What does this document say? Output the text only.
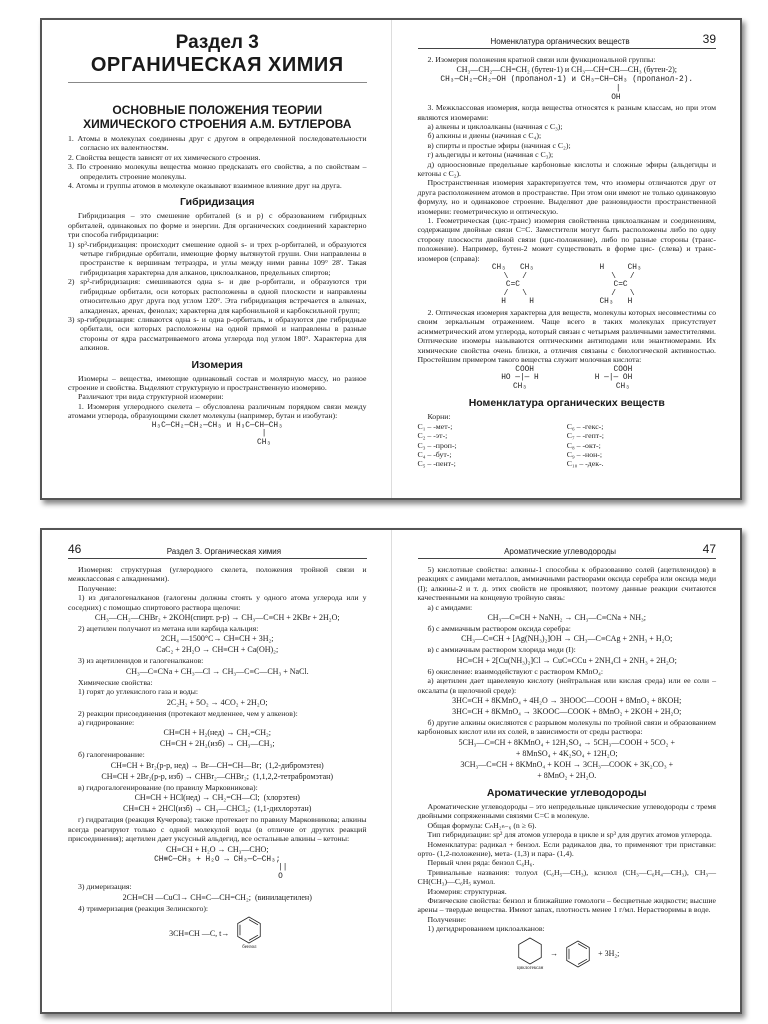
Раздел 3
ОРГАНИЧЕСКАЯ ХИМИЯ
ОСНОВНЫЕ ПОЛОЖЕНИЯ ТЕОРИИ ХИМИЧЕСКОГО СТРОЕНИЯ А.М. БУТЛЕРОВА

1. Атомы в молекулах соединены друг с другом в определенной последовательности согласно их валентностям.

2. Свойства веществ зависят от их химического строения.

3. По строению молекулы вещества можно предсказать его свойства, а по свойствам – определить строение молекулы.

4. Атомы и группы атомов в молекуле оказывают взаимное влияние друг на друга.

Гибридизация

Гибридизация – это смешение орбиталей (s и p) с образованием гибридных орбиталей, одинаковых по форме и энергии. Для органических соединений характерно три способа гибридизации:

1) sp³-гибридизация: происходит смешение одной s- и трех p-орбиталей, и образуются четыре гибридные орбитали, имеющие форму вытянутой груши. Они направлены в пространстве к вершинам тетраэдра, и углы между ними равны 109° 28′. Такая гибридизация характерна для алканов, циклоалканов, предельных спиртов;

2) sp²-гибридизация: смешиваются одна s- и две p-орбитали, и образуются три гибридные орбитали, оси которых расположены в одной плоскости и направлены относительно друг друга под углом 120°. Эта гибридизация встречается в алкенах, алкадиенах, аренах, фенолах; характерна для карбонильной и карбоксильной групп;

3) sp-гибридизация: сливаются одна s- и одна p-орбиталь, и образуются две гибридные орбитали, оси которых расположены на одной прямой и направлены в разные стороны от ядра рассматриваемого атома углерода под углом 180°. Характерна для алкинов.

Изомерия

Изомеры – вещества, имеющие одинаковый состав и молярную массу, но разное строение и свойства. Выделяют структурную и пространственную изомерию.

Различают три вида структурной изомерии:

1. Изомерия углеродного скелета – обусловлена различным порядком связи между атомами углерода, образующими скелет молекулы (например, бутан и изобутан):

H₃C—CH₂—CH₂—CH₃ и H₃C—CH—CH₃
|
CH₃
Номенклатура органических веществ	39

2. Изомерия положения кратной связи или функциональной группы:

CH₃—CH₂—CH=CH₂ (бутен-1) и CH₃—CH=CH—CH₃ (бутен-2);
CH₃—CH₂—CH₂—OH (пропанол-1) и CH₃—CH—CH₃ (пропанол-2).
|
OH

3. Межклассовая изомерия, когда вещества относятся к разным классам, но при этом являются изомерами:

а) алкены и циклоалканы (начиная с C₃);

б) алкины и диены (начиная с C₄);

в) спирты и простые эфиры (начиная с C₂);

г) альдегиды и кетоны (начиная с C₃);

д) одноосновные предельные карбоновые кислоты и сложные эфиры (альдегиды и кетоны с C₂).

Пространственная изомерия характеризуется тем, что изомеры отличаются друг от друга расположением атомов в пространстве. При этом они имеют не только одинаковую формулу, но и одинаковое строение. Выделяют две разновидности пространственной изомерии: геометрическую и оптическую.

1. Геометрическая (цис-транс) изомерия свойственна циклоалканам и соединениям, содержащим двойные связи C=C. Заместители могут быть расположены либо по одну сторону плоскости двойной связи (цис-положение), либо по разные стороны (транс-положение). Например, бутен-2 может существовать в форме цис- (слева) и транс-изомеров (справа):

CH₃   CH₃              H     CH₃
\   /                  \   /
C=C                    C=C
/   \                  /   \
H     H              CH₃   H

2. Оптическая изомерия характерна для веществ, молекулы которых несовместимы со своим зеркальным отражением. Чаще всего в таких молекулах присутствует асимметрический атом углерода, который связан с четырьмя различными заместителями. Оптические изомеры называются оптическими антиподами или энантиомерами. Их химические свойства очень близки, а отличия связаны с биологической активностью. Простейшим примером такого вещества служит молочная кислота:

COOH                 COOH
HO —|— H            H —|— OH
CH₃                   CH₃
Номенклатура органических веществ

Корни:

C₁ – -мет-;
C₂ – -эт-;
C₃ – -проп-;
C₄ – -бут-;
C₅ – -пент-;
C₆ – -гекс-;
C₇ – -гепт-;
C₈ – -окт-;
C₉ – -нон-;
C₁₀ – -дек-.
46	Раздел 3. Органическая химия

Изомерия: структурная (углеродного скелета, положения тройной связи и межклассовая с алкадиенами).

Получение:

1) из дигалогеналканов (галогены должны стоять у одного атома углерода или у соседних) с помощью спиртового раствора щелочи:

CH₃—CH₂—CHBr₂ + 2KOH(спирт. р-р) → CH₃—C≡CH + 2KBr + 2H₂O;

2) ацетилен получают из метана или карбида кальция:

2CH₄ —1500°C→ CH≡CH + 3H₂;
CaC₂ + 2H₂O → CH≡CH + Ca(OH)₂;

3) из ацетиленидов и галогеналканов:

CH₃—C≡CNa + CH₃—Cl → CH₃—C≡C—CH₃ + NaCl.

Химические свойства:

1) горят до углекислого газа и воды:

2C₂H₂ + 5O₂ → 4CO₂ + 2H₂O;

2) реакции присоединения (протекают медленнее, чем у алкенов):

а) гидрирование:

CH≡CH + H₂(нед) → CH₂=CH₂;
CH≡CH + 2H₂(изб) → CH₃—CH₃;

б) галогенирование:

CH≡CH + Br₂(р-р, нед) → Br—CH=CH—Br;  (1,2-дибромэтен)
CH≡CH + 2Br₂(р-р, изб) → CHBr₂—CHBr₂;  (1,1,2,2-тетрабромэтан)

в) гидрогалогенирование (по правилу Марковникова):

CH≡CH + HCl(нед) → CH₂=CH—Cl;  (хлорэтен)
CH≡CH + 2HCl(изб) → CH₃—CHCl₂;  (1,1-дихлорэтан)

г) гидратация (реакция Кучерова); также протекает по правилу Марковникова; алкины всегда реагируют только с одной молекулой воды (в отличие от других реакций присоединения); ацетилен дает уксусный альдегид, все остальные алкины – кетоны:

CH≡CH + H₂O → CH₃—CHO;
CH≡C—CH₃ + H₂O → CH₃—C—CH₃;
||
O

3) димеризация:

2CH≡CH —CuCl→ CH≡C—CH=CH₂;  (винилацетилен)

4) тримеризация (реакция Зелинского):

3CH≡CH —C, t→
бензол
Ароматические углеводороды	47

5) кислотные свойства: алкины-1 способны к образованию солей (ацетиленидов) в реакциях с амидами металлов, аммиачными растворами оксида серебра или оксида меди (I); алкины-2 и т. д. этих свойств не проявляют, поэтому данные реакции считаются качественными на концевую тройную связь:

а) с амидами:

CH₃—C≡CH + NaNH₂ → CH₃—C≡CNa + NH₃;

б) с аммиачным раствором оксида серебра:

CH₃—C≡CH + [Ag(NH₃)₂]OH → CH₃—C≡CAg + 2NH₃ + H₂O;

в) с аммиачным раствором хлорида меди (I):

HC≡CH + 2[Cu(NH₃)₂]Cl → CuC≡CCu + 2NH₄Cl + 2NH₃ + 2H₂O;

6) окисление: взаимодействуют с раствором KMnO₄:

а) ацетилен дает щавелевую кислоту (нейтральная или кислая среда) или ее соли – оксалаты (в щелочной среде):

3HC≡CH + 8KMnO₄ + 4H₂O → 3HOOC—COOH + 8MnO₂ + 8KOH;
3HC≡CH + 8KMnO₄ → 3KOOC—COOK + 8MnO₂ + 2KOH + 2H₂O;

б) другие алкины окисляются с разрывом молекулы по тройной связи и образованием карбоновых кислот или их солей, в зависимости от среды раствора:

5CH₃—C≡CH + 8KMnO₄ + 12H₂SO₄ → 5CH₃—COOH + 5CO₂ +
+ 8MnSO₄ + 4K₂SO₄ + 12H₂O;
3CH₃—C≡CH + 8KMnO₄ + KOH → 3CH₃—COOK + 3K₂CO₃ +
+ 8MnO₂ + 2H₂O.
Ароматические углеводороды

Ароматические углеводороды – это непредельные циклические углеводороды с тремя двойными сопряженными связями C=C в молекуле.

Общая формула: CₙH₂ₙ₋₆ (n ≥ 6).

Тип гибридизации: sp² для атомов углерода в цикле и sp³ для других атомов углерода.

Номенклатура: радикал + бензол. Если радикалов два, то применяют три приставки: орто- (1,2-положение), мета- (1,3) и пара- (1,4).

Первый член ряда: бензол C₆H₆.

Тривиальные названия: толуол (C₆H₅—CH₃), ксилол (CH₃—C₆H₄—CH₃), CH₃—CH(CH₃)—C₆H₅ кумол.

Изомерия: структурная.

Физические свойства: бензол и ближайшие гомологи – бесцветные жидкости; высшие арены – твердые вещества. Имеют запах, плотность менее 1 г/мл. Нерастворимы в воде.

Получение:

1) дегидрированием циклоалканов:

циклогексан
→	+ 3H₂;
